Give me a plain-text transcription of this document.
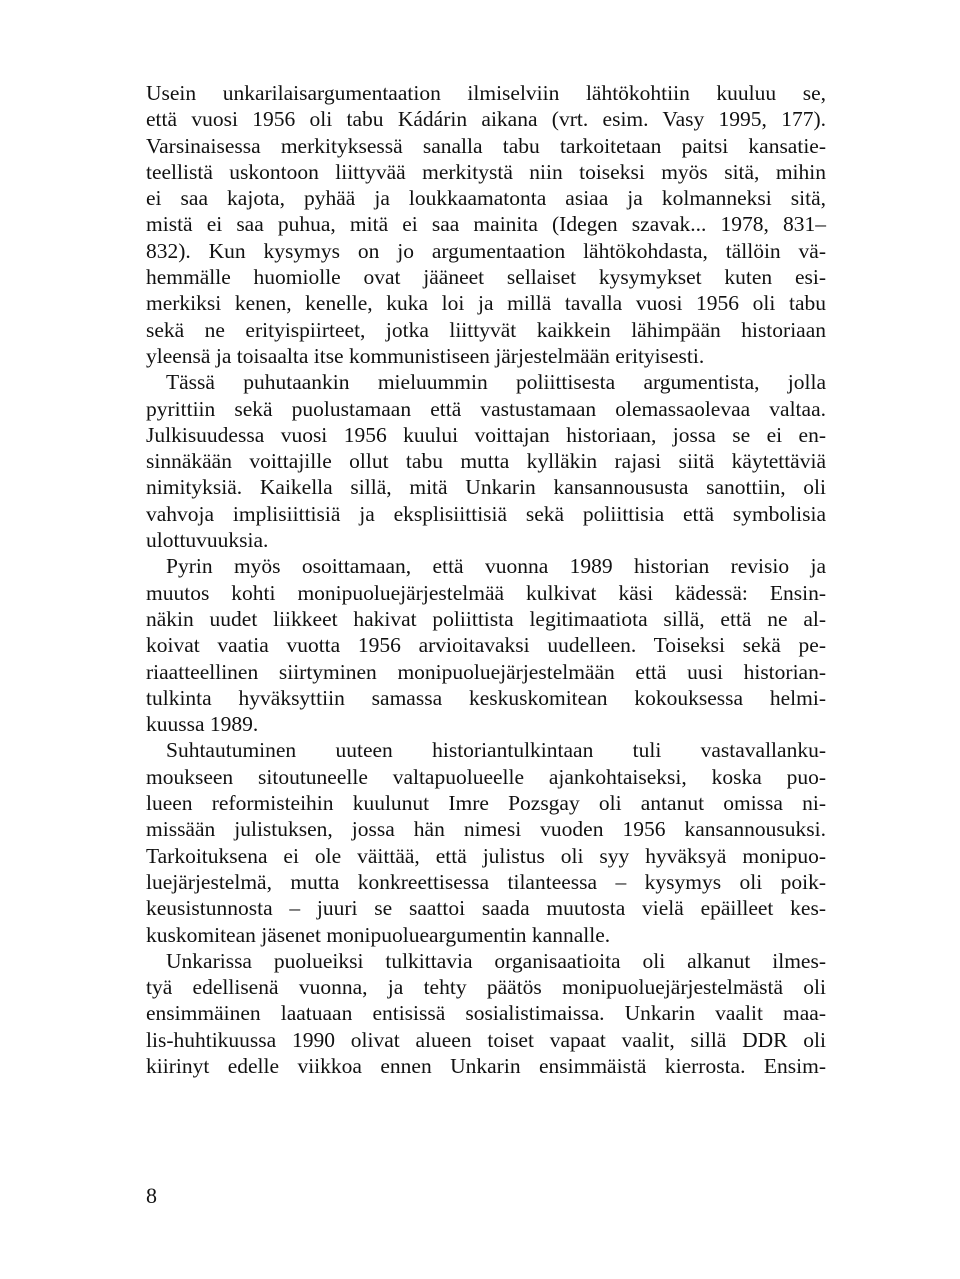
Usein unkarilaisargumentaation ilmiselviin lähtökohtiin kuuluu se,
että vuosi 1956 oli tabu Kádárin aikana (vrt. esim. Vasy 1995, 177).
Varsinaisessa merkityksessä sanalla tabu tarkoitetaan paitsi kansatie-
teellistä uskontoon liittyvää merkitystä niin toiseksi myös sitä, mihin
ei saa kajota, pyhää ja loukkaamatonta asiaa ja kolmanneksi sitä,
mistä ei saa puhua, mitä ei saa mainita (Idegen szavak... 1978, 831–
832). Kun kysymys on jo argumentaation lähtökohdasta, tällöin vä-
hemmälle huomiolle ovat jääneet sellaiset kysymykset kuten esi-
merkiksi kenen, kenelle, kuka loi ja millä tavalla vuosi 1956 oli tabu
sekä ne erityispiirteet, jotka liittyvät kaikkein lähimpään historiaan
yleensä ja toisaalta itse kommunistiseen järjestelmään erityisesti.
Tässä puhutaankin mieluummin poliittisesta argumentista, jolla
pyrittiin sekä puolustamaan että vastustamaan olemassaolevaa valtaa.
Julkisuudessa vuosi 1956 kuului voittajan historiaan, jossa se ei en-
sinnäkään voittajille ollut tabu mutta kylläkin rajasi siitä käytettäviä
nimityksiä. Kaikella sillä, mitä Unkarin kansannoususta sanottiin, oli
vahvoja implisiittisiä ja eksplisiittisiä sekä poliittisia että symbolisia
ulottuvuuksia.
Pyrin myös osoittamaan, että vuonna 1989 historian revisio ja
muutos kohti monipuoluejärjestelmää kulkivat käsi kädessä: Ensin-
näkin uudet liikkeet hakivat poliittista legitimaatiota sillä, että ne al-
koivat vaatia vuotta 1956 arvioitavaksi uudelleen. Toiseksi sekä pe-
riaatteellinen siirtyminen monipuoluejärjestelmään että uusi historian-
tulkinta hyväksyttiin samassa keskuskomitean kokouksessa helmi-
kuussa 1989.
Suhtautuminen uuteen historiantulkintaan tuli vastavallanku-
moukseen sitoutuneelle valtapuolueelle ajankohtaiseksi, koska puo-
lueen reformisteihin kuulunut Imre Pozsgay oli antanut omissa ni-
missään julistuksen, jossa hän nimesi vuoden 1956 kansannousuksi.
Tarkoituksena ei ole väittää, että julistus oli syy hyväksyä monipuo-
luejärjestelmä, mutta konkreettisessa tilanteessa – kysymys oli poik-
keusistunnosta – juuri se saattoi saada muutosta vielä epäilleet kes-
kuskomitean jäsenet monipuolueargumentin kannalle.
Unkarissa puolueiksi tulkittavia organisaatioita oli alkanut ilmes-
tyä edellisenä vuonna, ja tehty päätös monipuoluejärjestelmästä oli
ensimmäinen laatuaan entisissä sosialistimaissa. Unkarin vaalit maa-
lis-huhtikuussa 1990 olivat alueen toiset vapaat vaalit, sillä DDR oli
kiirinyt edelle viikkoa ennen Unkarin ensimmäistä kierrosta. Ensim-
8
